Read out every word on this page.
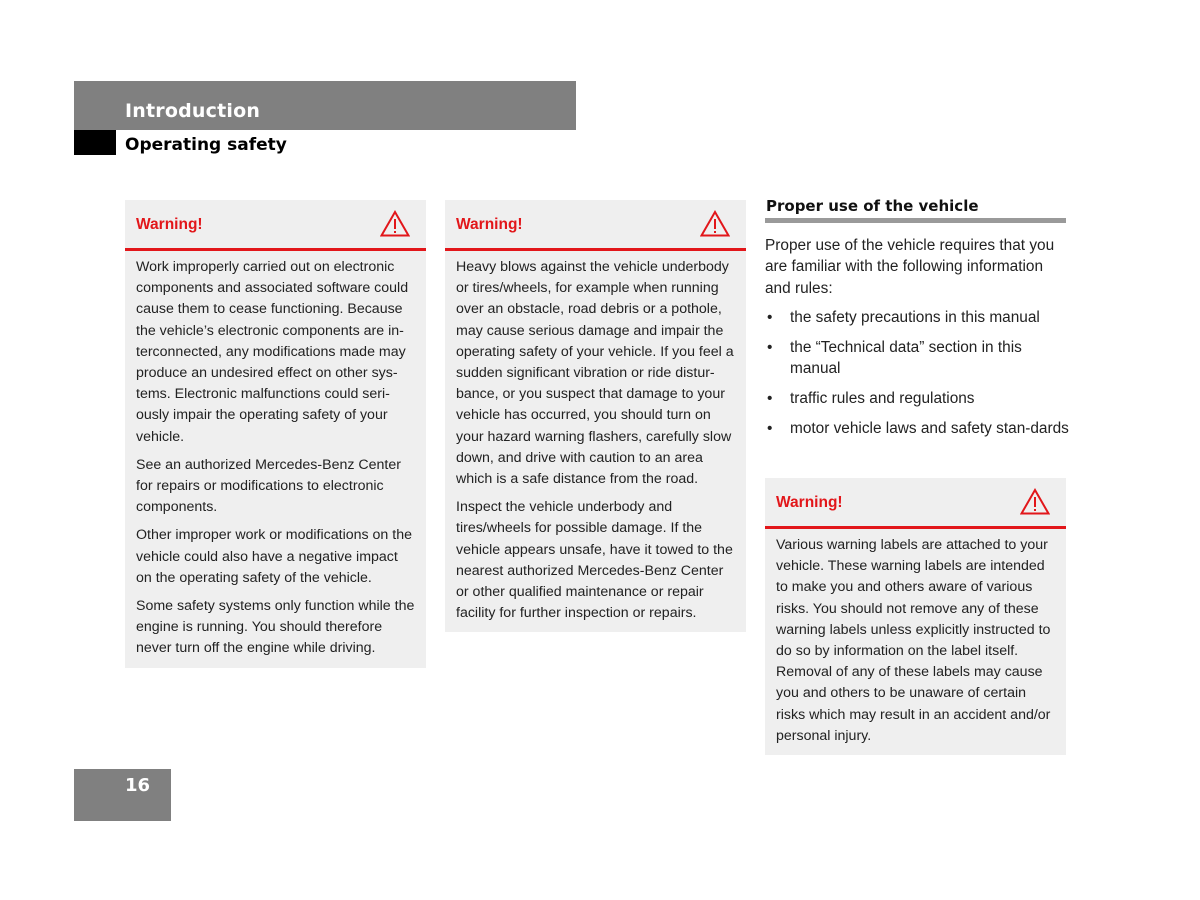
Introduction
Operating safety
Warning!

Work improperly carried out on electronic components and associated software could cause them to cease functioning. Because the vehicle’s electronic components are in-terconnected, any modifications made may produce an undesired effect on other sys-tems. Electronic malfunctions could seri-ously impair the operating safety of your vehicle.

See an authorized Mercedes-Benz Center for repairs or modifications to electronic components.

Other improper work or modifications on the vehicle could also have a negative impact on the operating safety of the vehicle.

Some safety systems only function while the engine is running. You should therefore never turn off the engine while driving.

Warning!

Heavy blows against the vehicle underbody or tires/wheels, for example when running over an obstacle, road debris or a pothole, may cause serious damage and impair the operating safety of your vehicle. If you feel a sudden significant vibration or ride distur-bance, or you suspect that damage to your vehicle has occurred, you should turn on your hazard warning flashers, carefully slow down, and drive with caution to an area which is a safe distance from the road.

Inspect the vehicle underbody and tires/wheels for possible damage. If the vehicle appears unsafe, have it towed to the nearest authorized Mercedes-Benz Center or other qualified maintenance or repair facility for further inspection or repairs.

Proper use of the vehicle
Proper use of the vehicle requires that you are familiar with the following information and rules:
• the safety precautions in this manual
• the “Technical data” section in this manual
• traffic rules and regulations
• motor vehicle laws and safety stan-dards
Warning!

Various warning labels are attached to your vehicle. These warning labels are intended to make you and others aware of various risks. You should not remove any of these warning labels unless explicitly instructed to do so by information on the label itself. Removal of any of these labels may cause you and others to be unaware of certain risks which may result in an accident and/or personal injury.

16
